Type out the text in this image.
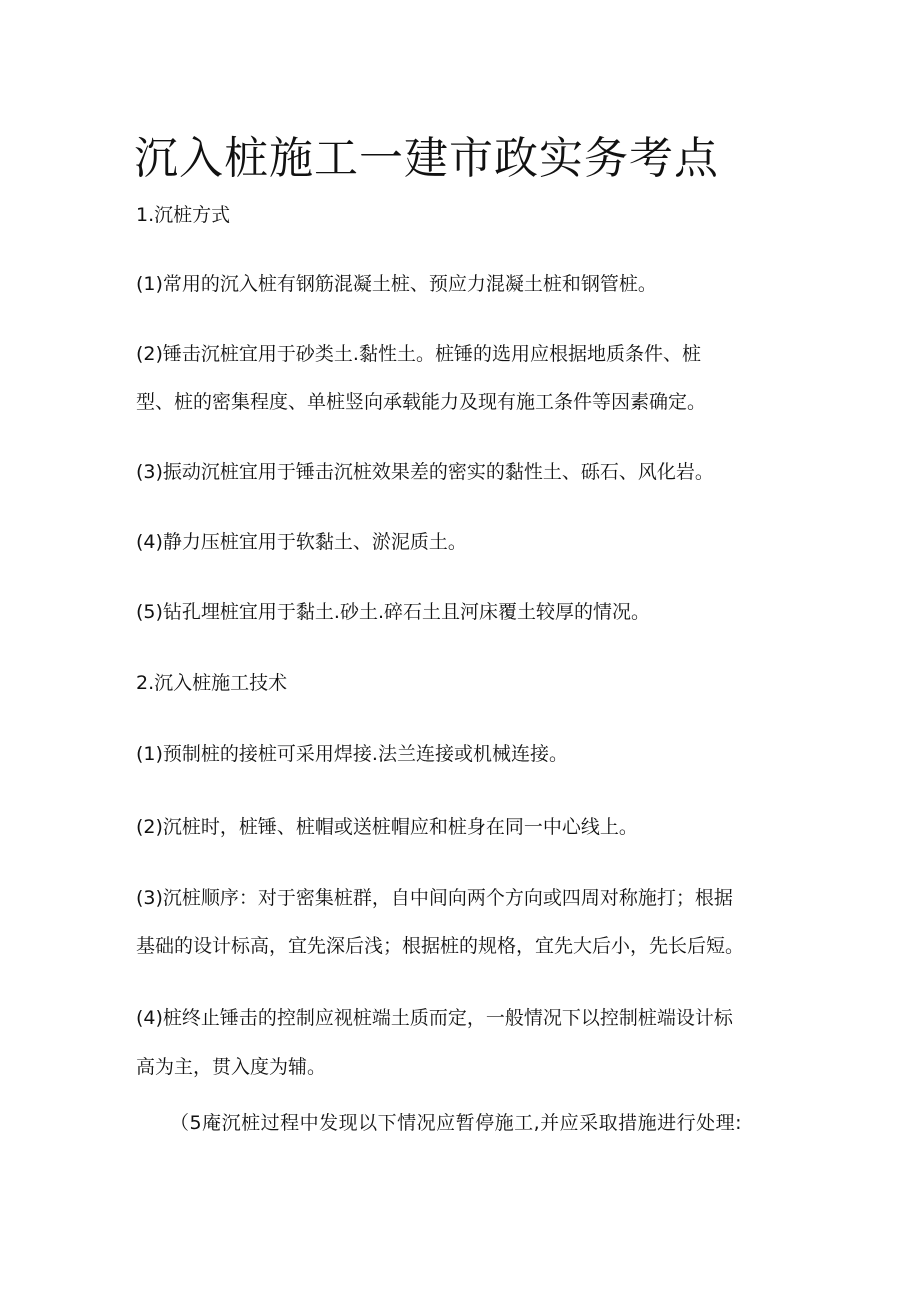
沉入桩施工一建市政实务考点

1.沉桩方式

(1)常用的沉入桩有钢筋混凝土桩、预应力混凝土桩和钢管桩。

(2)锤击沉桩宜用于砂类土.黏性土。桩锤的选用应根据地质条件、桩

型、桩的密集程度、单桩竖向承载能力及现有施工条件等因素确定。

(3)振动沉桩宜用于锤击沉桩效果差的密实的黏性土、砾石、风化岩。

(4)静力压桩宜用于软黏土、淤泥质土。

(5)钻孔埋桩宜用于黏土.砂土.碎石土且河床覆土较厚的情况。

2.沉入桩施工技术

(1)预制桩的接桩可采用焊接.法兰连接或机械连接。

(2)沉桩时，桩锤、桩帽或送桩帽应和桩身在同一中心线上。

(3)沉桩顺序：对于密集桩群，自中间向两个方向或四周对称施打；根据

基础的设计标高，宜先深后浅；根据桩的规格，宜先大后小，先长后短。

(4)桩终止锤击的控制应视桩端土质而定，一般情况下以控制桩端设计标

高为主，贯入度为辅。

（5庵沉桩过程中发现以下情况应暂停施工,并应采取措施进行处理:
